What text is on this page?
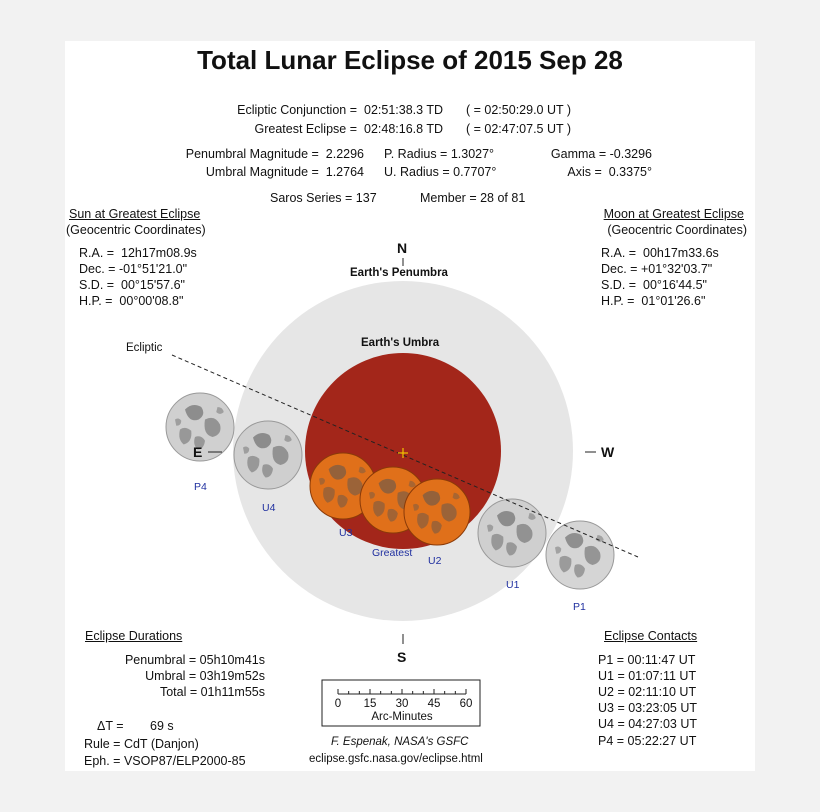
Total Lunar Eclipse of 2015 Sep 28
Ecliptic Conjunction = 02:51:38.3 TD ( = 02:50:29.0 UT )
Greatest Eclipse = 02:48:16.8 TD ( = 02:47:07.5 UT )
Penumbral Magnitude =  2.2296
Umbral Magnitude =  1.2764
P. Radius = 1.3027°
U. Radius = 0.7707°
Gamma = -0.3296
Axis =  0.3375°
Saros Series = 137	Member = 28 of 81
Sun at Greatest Eclipse
(Geocentric Coordinates)
R.A. =  12h17m08.9s
Dec. = -01°51'21.0"
S.D. =  00°15'57.6"
H.P. =  00°00'08.8"
Moon at Greatest Eclipse
(Geocentric Coordinates)
R.A. =  00h17m33.6s
Dec. = +01°32'03.7"
S.D. =  00°16'44.5"
H.P. =  01°01'26.6"
0 15 30 45 60
Arc-Minutes
N
S
E	W
Earth's Penumbra
Earth's Umbra
Ecliptic
Greatest
P4
U4
U3
U2
U1
P1
Eclipse Durations
Penumbral = 05h10m41s
Umbral = 03h19m52s
Total = 01h11m55s
ΔT = 69 s
Rule = CdT (Danjon)
Eph. = VSOP87/ELP2000-85
F. Espenak, NASA's GSFC
eclipse.gsfc.nasa.gov/eclipse.html
Eclipse Contacts
P1 = 00:11:47 UT
U1 = 01:07:11 UT
U2 = 02:11:10 UT
U3 = 03:23:05 UT
U4 = 04:27:03 UT
P4 = 05:22:27 UT
